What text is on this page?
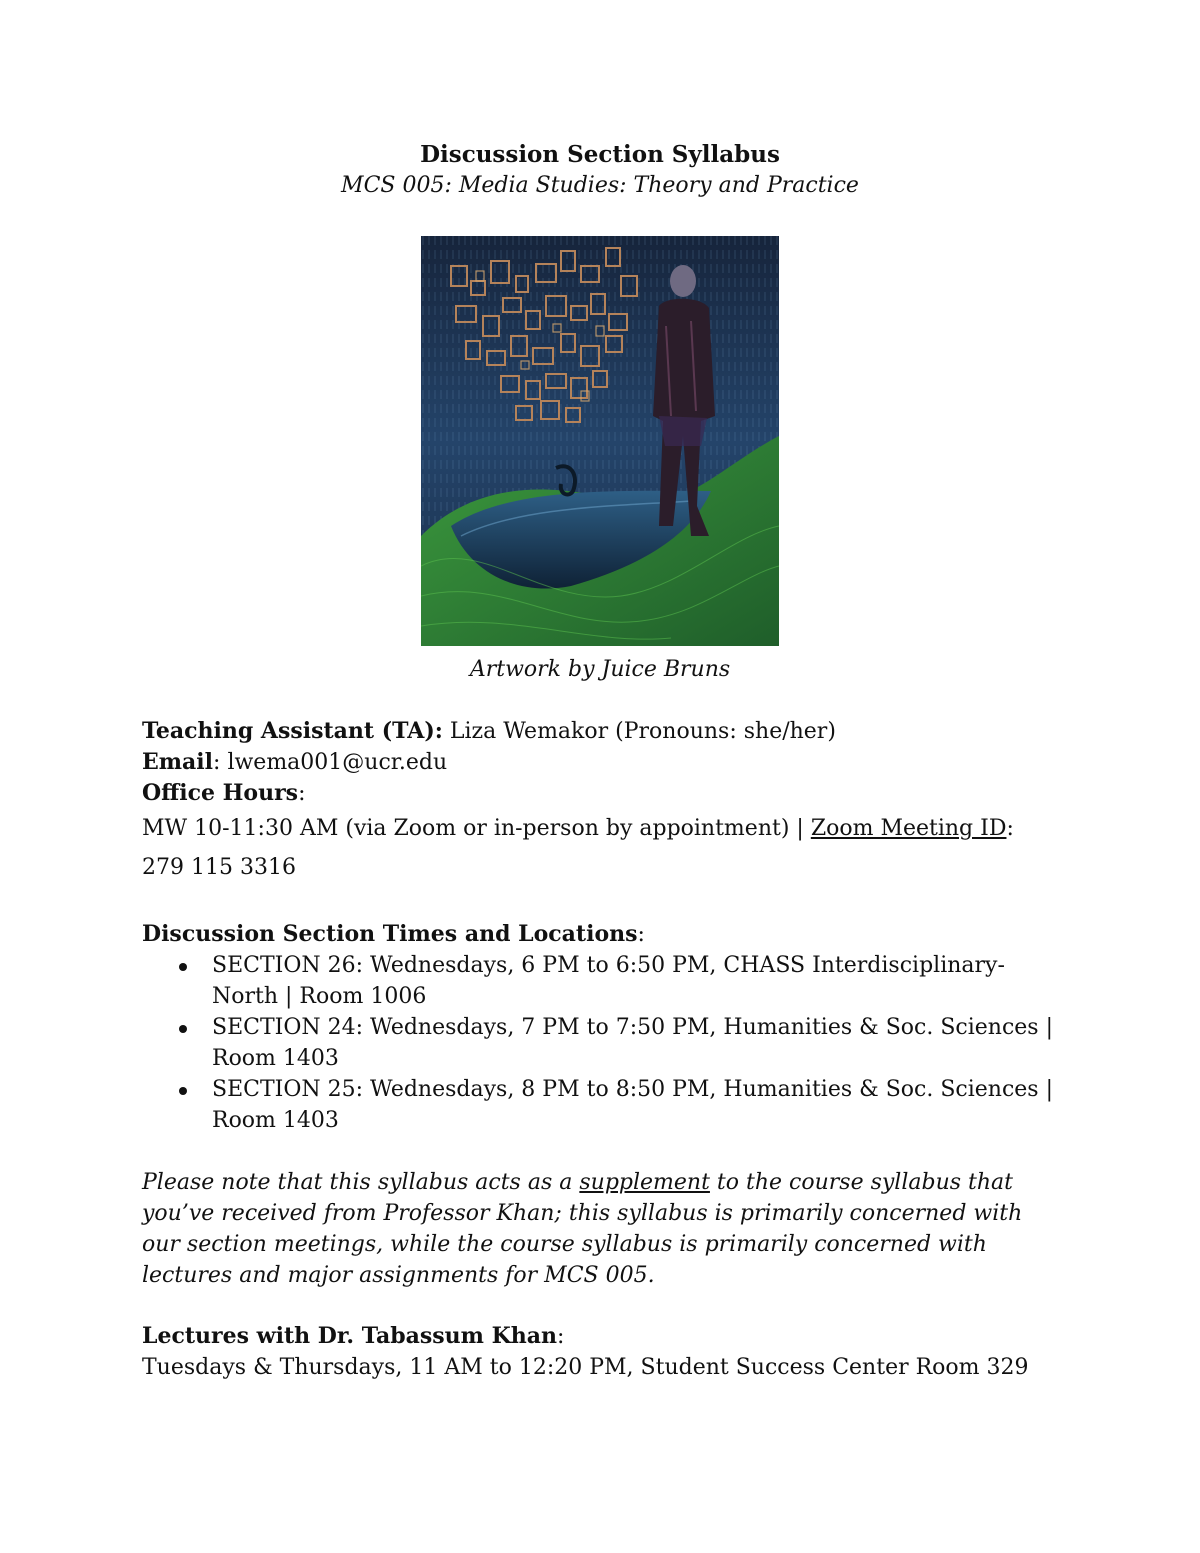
Discussion Section Syllabus
MCS 005: Media Studies: Theory and Practice
Artwork by Juice Bruns
Teaching Assistant (TA): Liza Wemakor (Pronouns: she/her)
Email: lwema001@ucr.edu
Office Hours:
MW 10-11:30 AM (via Zoom or in-person by appointment) | Zoom Meeting ID: 279 115 3316
Discussion Section Times and Locations:
SECTION 26: Wednesdays, 6 PM to 6:50 PM, CHASS Interdisciplinary-North | Room 1006
SECTION 24: Wednesdays, 7 PM to 7:50 PM, Humanities & Soc. Sciences | Room 1403
SECTION 25: Wednesdays, 8 PM to 8:50 PM, Humanities & Soc. Sciences | Room 1403
Please note that this syllabus acts as a supplement to the course syllabus that you’ve received from Professor Khan; this syllabus is primarily concerned with our section meetings, while the course syllabus is primarily concerned with lectures and major assignments for MCS 005.
Lectures with Dr. Tabassum Khan:
Tuesdays & Thursdays, 11 AM to 12:20 PM, Student Success Center Room 329
